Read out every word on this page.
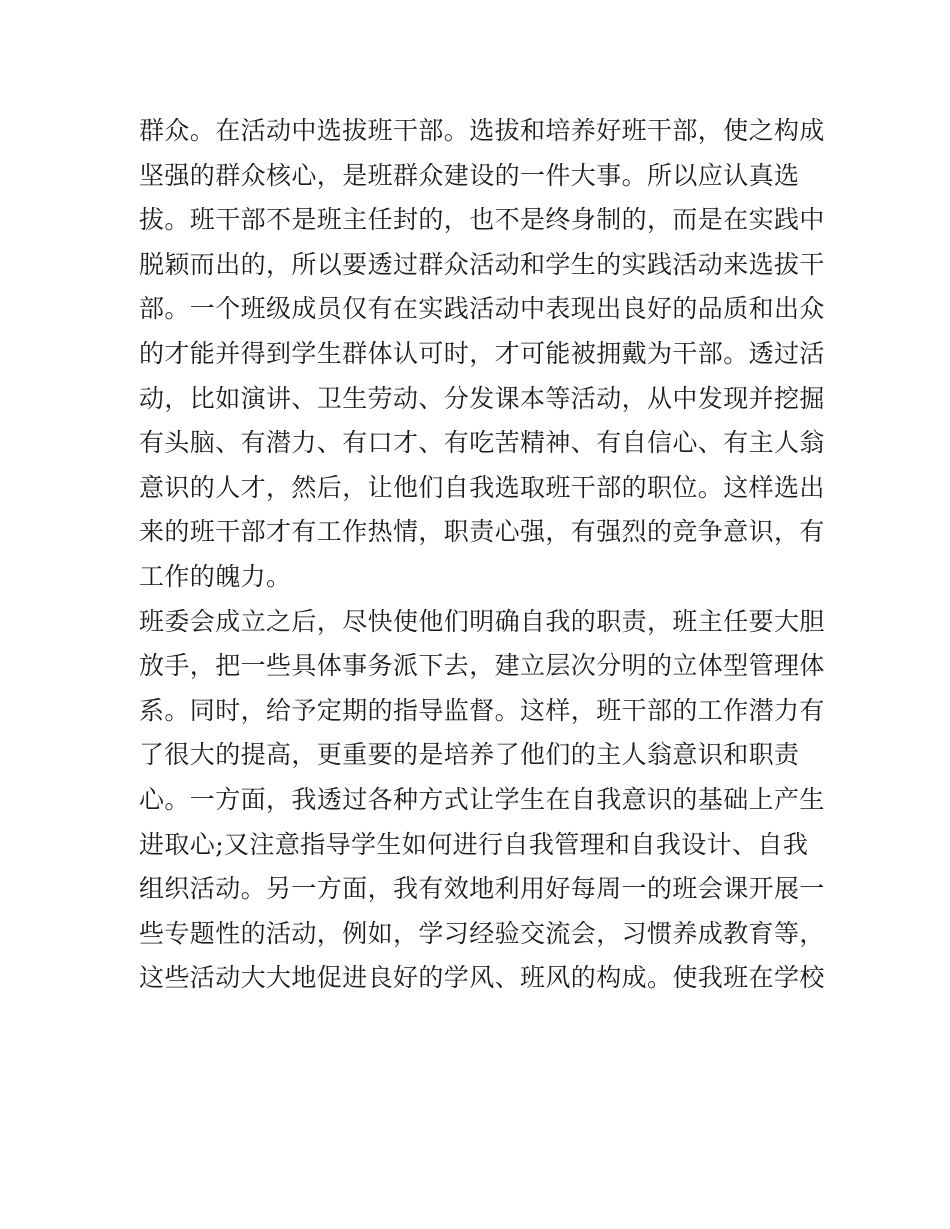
群众。在活动中选拔班干部。选拔和培养好班干部，使之构成
坚强的群众核心，是班群众建设的一件大事。所以应认真选
拔。班干部不是班主任封的，也不是终身制的，而是在实践中
脱颖而出的，所以要透过群众活动和学生的实践活动来选拔干
部。一个班级成员仅有在实践活动中表现出良好的品质和出众
的才能并得到学生群体认可时，才可能被拥戴为干部。透过活
动，比如演讲、卫生劳动、分发课本等活动，从中发现并挖掘
有头脑、有潜力、有口才、有吃苦精神、有自信心、有主人翁
意识的人才，然后，让他们自我选取班干部的职位。这样选出
来的班干部才有工作热情，职责心强，有强烈的竞争意识，有
工作的魄力。
班委会成立之后，尽快使他们明确自我的职责，班主任要大胆
放手，把一些具体事务派下去，建立层次分明的立体型管理体
系。同时，给予定期的指导监督。这样，班干部的工作潜力有
了很大的提高，更重要的是培养了他们的主人翁意识和职责
心。一方面，我透过各种方式让学生在自我意识的基础上产生
进取心;又注意指导学生如何进行自我管理和自我设计、自我
组织活动。另一方面，我有效地利用好每周一的班会课开展一
些专题性的活动，例如，学习经验交流会，习惯养成教育等，
这些活动大大地促进良好的学风、班风的构成。使我班在学校
